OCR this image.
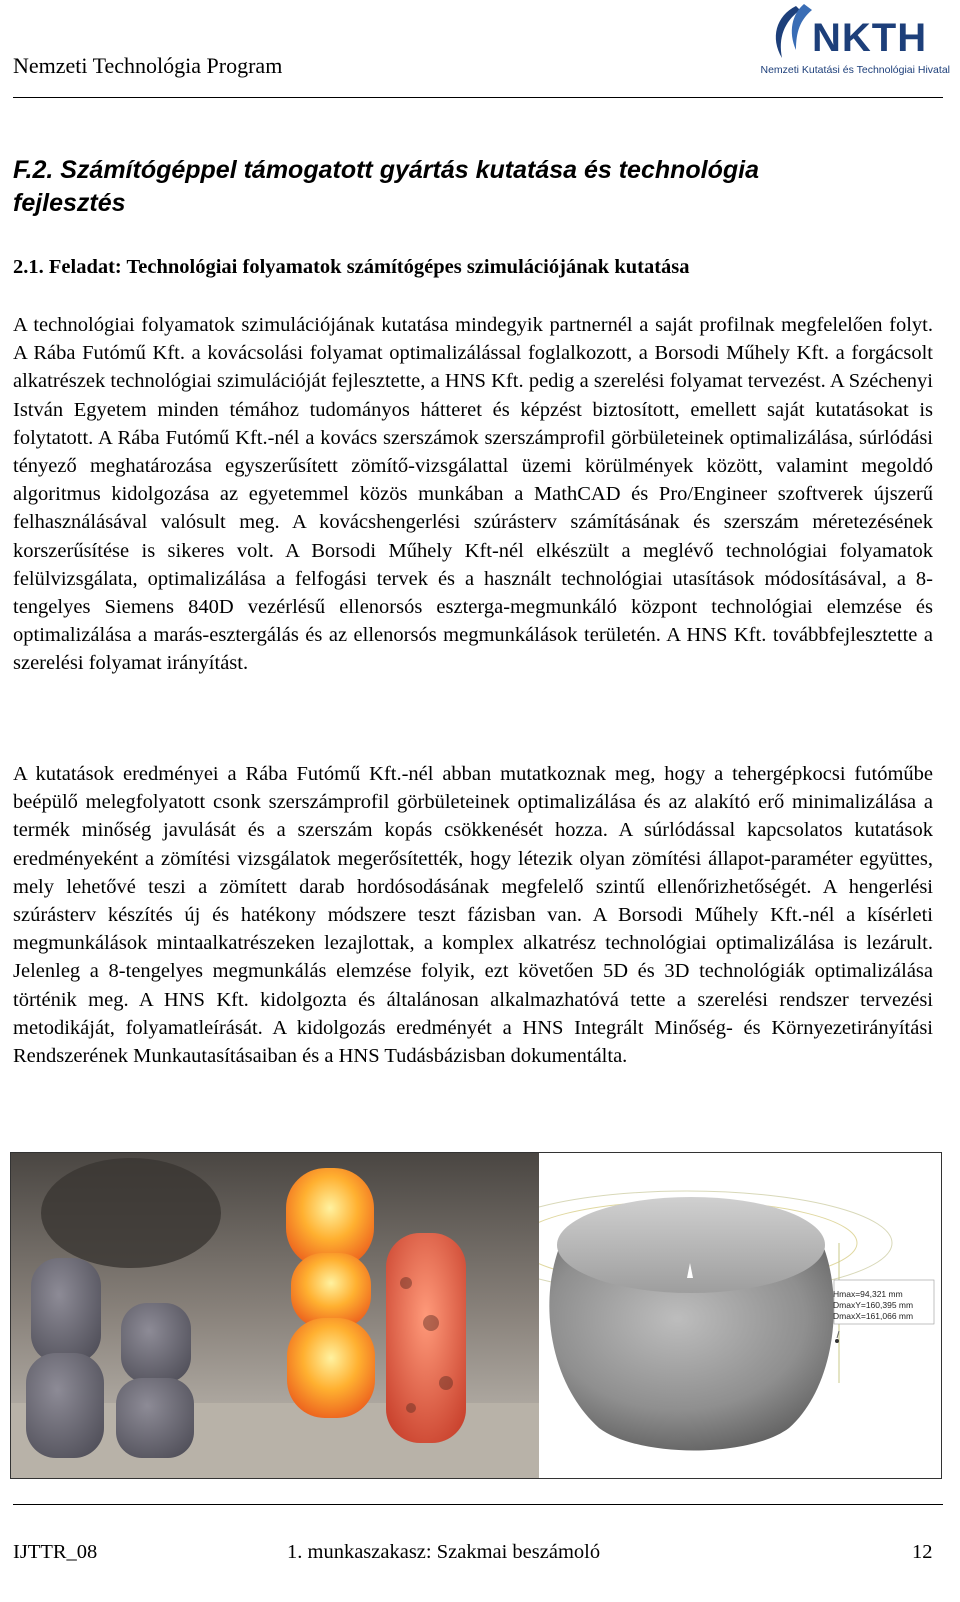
Nemzeti Technológia Program
NKTH
Nemzeti Kutatási és Technológiai Hivatal
F.2. Számítógéppel támogatott gyártás kutatása és technológia
fejlesztés
2.1. Feladat: Technológiai folyamatok számítógépes szimulációjának kutatása

A technológiai folyamatok szimulációjának kutatása mindegyik partnernél a saját profilnak megfelelően folyt. A Rába Futómű Kft. a kovácsolási folyamat optimalizálással foglalkozott, a Borsodi Műhely Kft. a forgácsolt alkatrészek technológiai szimulációját fejlesztette, a HNS Kft. pedig a szerelési folyamat tervezést. A Széchenyi István Egyetem minden témához tudományos hátteret és képzést biztosított, emellett saját kutatásokat is folytatott. A Rába Futómű Kft.-nél a kovács szerszámok szerszámprofil görbületeinek optimalizálása, súrlódási tényező meghatározása egyszerűsített zömítő-vizsgálattal üzemi körülmények között, valamint megoldó algoritmus kidolgozása az egyetemmel közös munkában a MathCAD és Pro/Engineer szoftverek újszerű felhasználásával valósult meg. A kovácshengerlési szúrásterv számításának és szerszám méretezésének korszerűsítése is sikeres volt. A Borsodi Műhely Kft-nél elkészült a meglévő technológiai folyamatok felülvizsgálata, optimalizálása a felfogási tervek és a használt technológiai utasítások módosításával, a 8-tengelyes Siemens 840D vezérlésű ellenorsós eszterga-megmunkáló központ technológiai elemzése és optimalizálása a marás-esztergálás és az ellenorsós megmunkálások területén. A HNS Kft. továbbfejlesztette a szerelési folyamat irányítást.

A kutatások eredményei a Rába Futómű Kft.-nél abban mutatkoznak meg, hogy a tehergépkocsi futóműbe beépülő melegfolyatott csonk szerszámprofil görbületeinek optimalizálása és az alakító erő minimalizálása a termék minőség javulását és a szerszám kopás csökkenését hozza. A súrlódással kapcsolatos kutatások eredményeként a zömítési vizsgálatok megerősítették, hogy létezik olyan zömítési állapot-paraméter együttes, mely lehetővé teszi a zömített darab hordósodásának megfelelő szintű ellenőrizhetőségét. A hengerlési szúrásterv készítés új és hatékony módszere teszt fázisban van. A Borsodi Műhely Kft.-nél a kísérleti megmunkálások mintaalkatrészeken lezajlottak, a komplex alkatrész technológiai optimalizálása is lezárult. Jelenleg a 8-tengelyes megmunkálás elemzése folyik, ezt követően 5D és 3D technológiák optimalizálása történik meg. A HNS Kft. kidolgozta és általánosan alkalmazhatóvá tette a szerelési rendszer tervezési metodikáját, folyamatleírását. A kidolgozás eredményét a HNS Integrált Minőség- és Környezetirányítási Rendszerének Munkautasításaiban és a HNS Tudásbázisban dokumentálta.

Hmax=94,321 mm
DmaxY=160,395 mm
DmaxX=161,066 mm
IJTTR_08	1. munkaszakasz: Szakmai beszámoló	12
